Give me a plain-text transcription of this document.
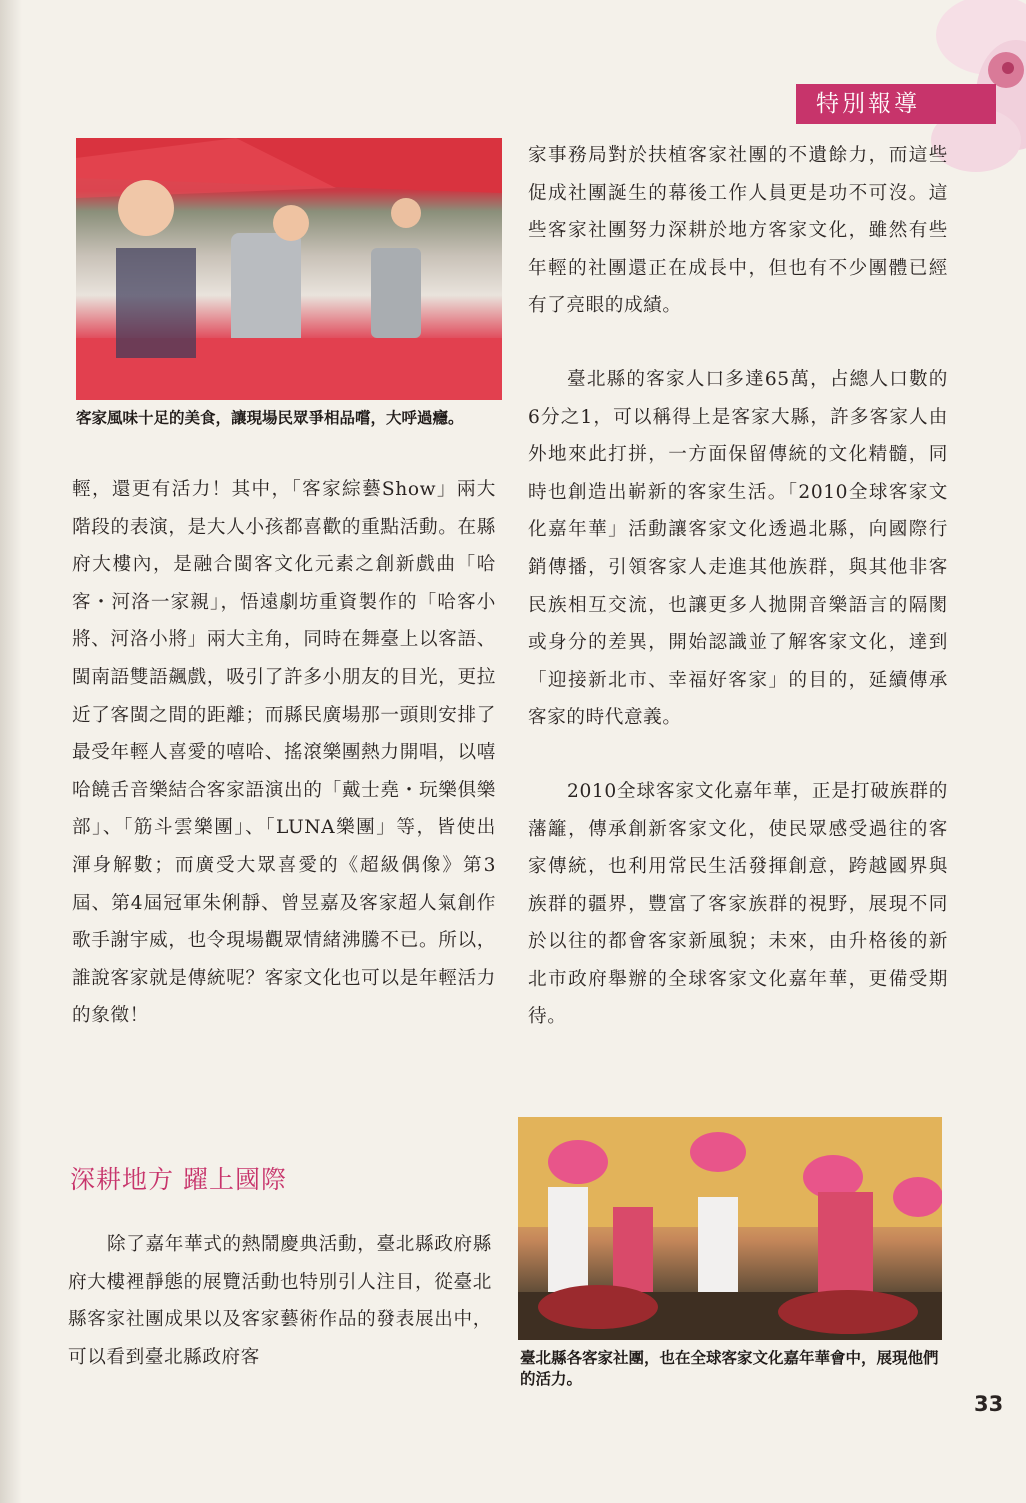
特別報導
客家風味十足的美食，讓現場民眾爭相品嚐，大呼過癮。

輕，還更有活力！其中，「客家綜藝Show」兩大階段的表演，是大人小孩都喜歡的重點活動。在縣府大樓內，是融合閩客文化元素之創新戲曲「哈客・河洛一家親」，悟遠劇坊重資製作的「哈客小將、河洛小將」兩大主角，同時在舞臺上以客語、閩南語雙語飆戲，吸引了許多小朋友的目光，更拉近了客閩之間的距離；而縣民廣場那一頭則安排了最受年輕人喜愛的嘻哈、搖滾樂團熱力開唱，以嘻哈饒舌音樂結合客家語演出的「戴士堯・玩樂俱樂部」、「筋斗雲樂團」、「LUNA樂團」等，皆使出渾身解數；而廣受大眾喜愛的《超級偶像》第3屆、第4屆冠軍朱俐靜、曾昱嘉及客家超人氣創作歌手謝宇威，也令現場觀眾情緒沸騰不已。所以，誰說客家就是傳統呢？客家文化也可以是年輕活力的象徵！

深耕地方 躍上國際

除了嘉年華式的熱鬧慶典活動，臺北縣政府縣府大樓裡靜態的展覽活動也特別引人注目，從臺北縣客家社團成果以及客家藝術作品的發表展出中，可以看到臺北縣政府客

家事務局對於扶植客家社團的不遺餘力，而這些促成社團誕生的幕後工作人員更是功不可沒。這些客家社團努力深耕於地方客家文化，雖然有些年輕的社團還正在成長中，但也有不少團體已經有了亮眼的成績。

臺北縣的客家人口多達65萬，占總人口數的6分之1，可以稱得上是客家大縣，許多客家人由外地來此打拼，一方面保留傳統的文化精髓，同時也創造出嶄新的客家生活。「2010全球客家文化嘉年華」活動讓客家文化透過北縣，向國際行銷傳播，引領客家人走進其他族群，與其他非客民族相互交流，也讓更多人拋開音樂語言的隔閡或身分的差異，開始認識並了解客家文化，達到「迎接新北市、幸福好客家」的目的，延續傳承客家的時代意義。

2010全球客家文化嘉年華，正是打破族群的藩籬，傳承創新客家文化，使民眾感受過往的客家傳統，也利用常民生活發揮創意，跨越國界與族群的疆界，豐富了客家族群的視野，展現不同於以往的都會客家新風貌；未來，由升格後的新北市政府舉辦的全球客家文化嘉年華，更備受期待。

臺北縣各客家社團，也在全球客家文化嘉年華會中，展現他們的活力。
33
